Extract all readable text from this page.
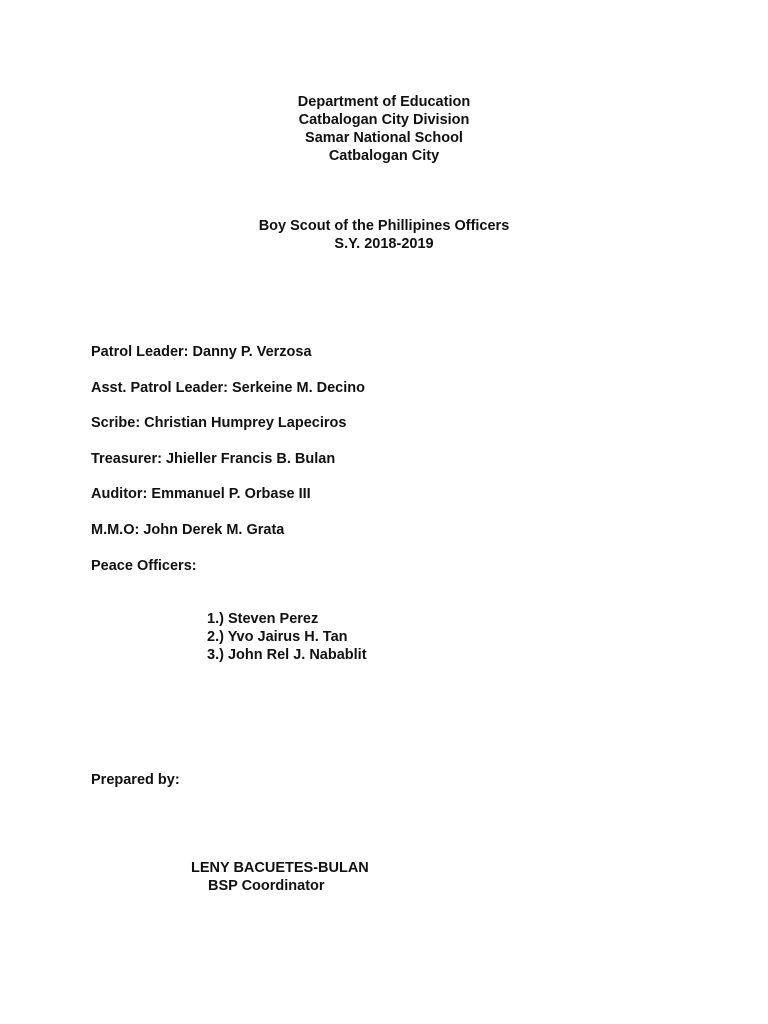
Department of Education
Catbalogan City Division
Samar National School
Catbalogan City
Boy Scout of the Phillipines Officers
S.Y. 2018-2019
Patrol Leader: Danny P. Verzosa
Asst. Patrol Leader: Serkeine M. Decino
Scribe: Christian Humprey Lapeciros
Treasurer: Jhieller Francis B. Bulan
Auditor: Emmanuel P. Orbase III
M.M.O: John Derek M. Grata
Peace Officers:
1.) Steven Perez
2.) Yvo Jairus H. Tan
3.) John Rel J. Nabablit
Prepared by:
LENY BACUETES-BULAN
BSP Coordinator
